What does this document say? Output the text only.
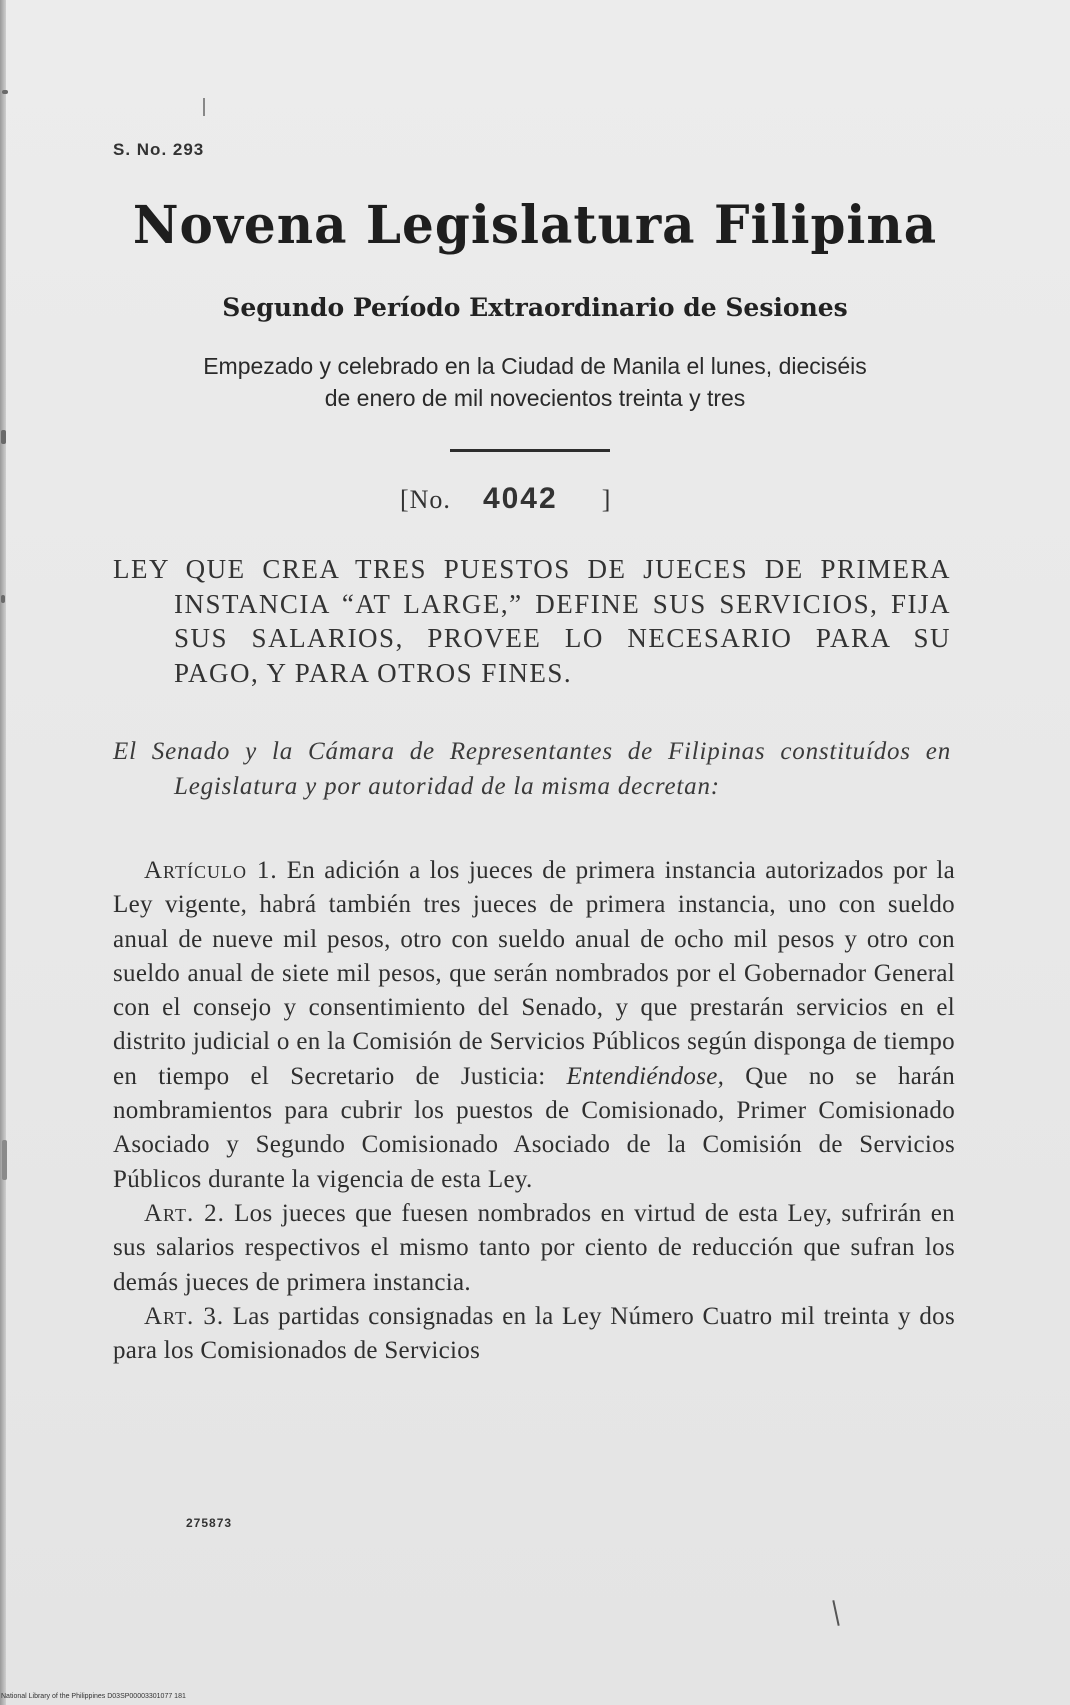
S. No. 293
Novena Legislatura Filipina
Segundo Período Extraordinario de Sesiones
Empezado y celebrado en la Ciudad de Manila el lunes, dieciséis
de enero de mil novecientos treinta y tres
[No. 4042 ]
LEY QUE CREA TRES PUESTOS DE JUECES DE PRIMERA INSTANCIA “AT LARGE,” DEFINE SUS SERVICIOS, FIJA SUS SALARIOS, PROVEE LO NECESARIO PARA SU PAGO, Y PARA OTROS FINES.
El Senado y la Cámara de Representantes de Filipinas constituídos en Legislatura y por autoridad de la misma decretan:

Artículo 1. En adición a los jueces de primera instancia autorizados por la Ley vigente, habrá también tres jueces de primera instancia, uno con sueldo anual de nueve mil pesos, otro con sueldo anual de ocho mil pesos y otro con sueldo anual de siete mil pesos, que serán nombrados por el Gobernador General con el consejo y consentimiento del Senado, y que prestarán servicios en el distrito judicial o en la Comisión de Servicios Públicos según disponga de tiempo en tiempo el Secretario de Justicia: Entendiéndose, Que no se harán nombramientos para cubrir los puestos de Comisionado, Primer Comisionado Asociado y Segundo Comisionado Asociado de la Comisión de Servicios Públicos durante la vigencia de esta Ley.

Art. 2. Los jueces que fuesen nombrados en virtud de esta Ley, sufrirán en sus salarios respectivos el mismo tanto por ciento de reducción que sufran los demás jueces de primera instancia.

Art. 3. Las partidas consignadas en la Ley Número Cuatro mil treinta y dos para los Comisionados de Servicios

275873
National Library of the Philippines D03SP00003301077 181
